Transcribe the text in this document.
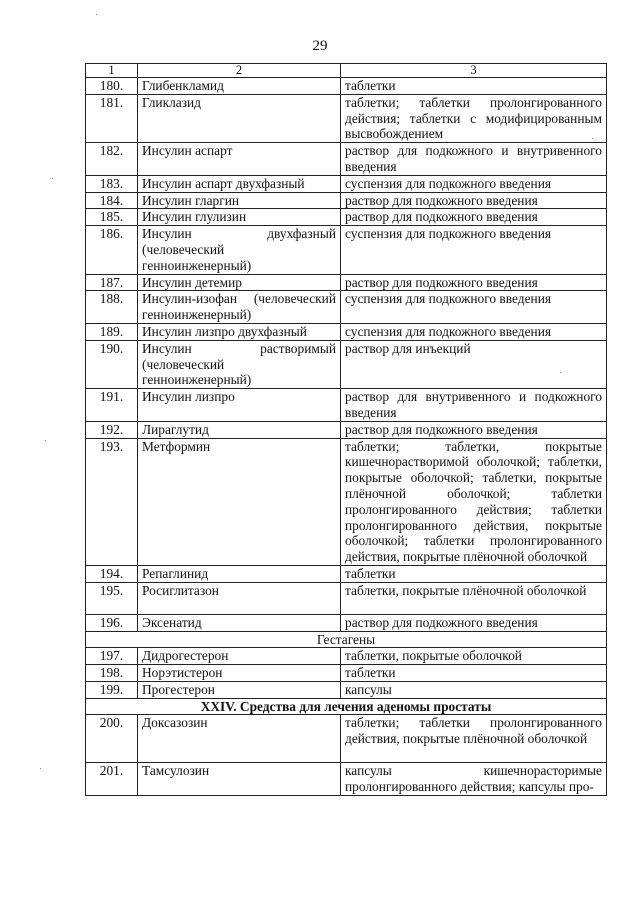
29
1	2	3
180.	Глибенкламид	таблетки
181.	Гликлазид	таблетки; таблетки пролонгированного действия; таблетки с модифицированным высвобождением
182.	Инсулин аспарт	раствор для подкожного и внутривенного введения
183.	Инсулин аспарт двухфазный	суспензия для подкожного введения
184.	Инсулин гларгин	раствор для подкожного введения
185.	Инсулин глулизин	раствор для подкожного введения
186.	Инсулин двухфазный (человеческий генноинженерный)	суспензия для подкожного введения
187.	Инсулин детемир	раствор для подкожного введения
188.	Инсулин-изофан (человеческий генноинженерный)	суспензия для подкожного введения
189.	Инсулин лизпро двухфазный	суспензия для подкожного введения
190.	Инсулин растворимый (человеческий генноинженерный)	раствор для инъекций
191.	Инсулин лизпро	раствор для внутривенного и подкожного введения
192.	Лираглутид	раствор для подкожного введения
193.	Метформин	таблетки; таблетки, покрытые кишечнорастворимой оболочкой; таблетки, покрытые оболочкой; таблетки, покрытые плёночной оболочкой; таблетки пролонгированного действия; таблетки пролонгированного действия, покрытые оболочкой; таблетки пролонгированного действия, покрытые плёночной оболочкой
194.	Репаглинид	таблетки
195.	Росиглитазон	таблетки, покрытые плёночной оболочкой
196.	Эксенатид	раствор для подкожного введения
Гестагены		
197.	Дидрогестерон	таблетки, покрытые оболочкой
198.	Норэтистерон	таблетки
199.	Прогестерон	капсулы
XXIV. Средства для лечения аденомы простаты		
200.	Доксазозин	таблетки; таблетки пролонгированного действия, покрытые плёночной оболочкой
201.	Тамсулозин	капсулы кишечнорасторимые пролонгированного действия; капсулы про-
